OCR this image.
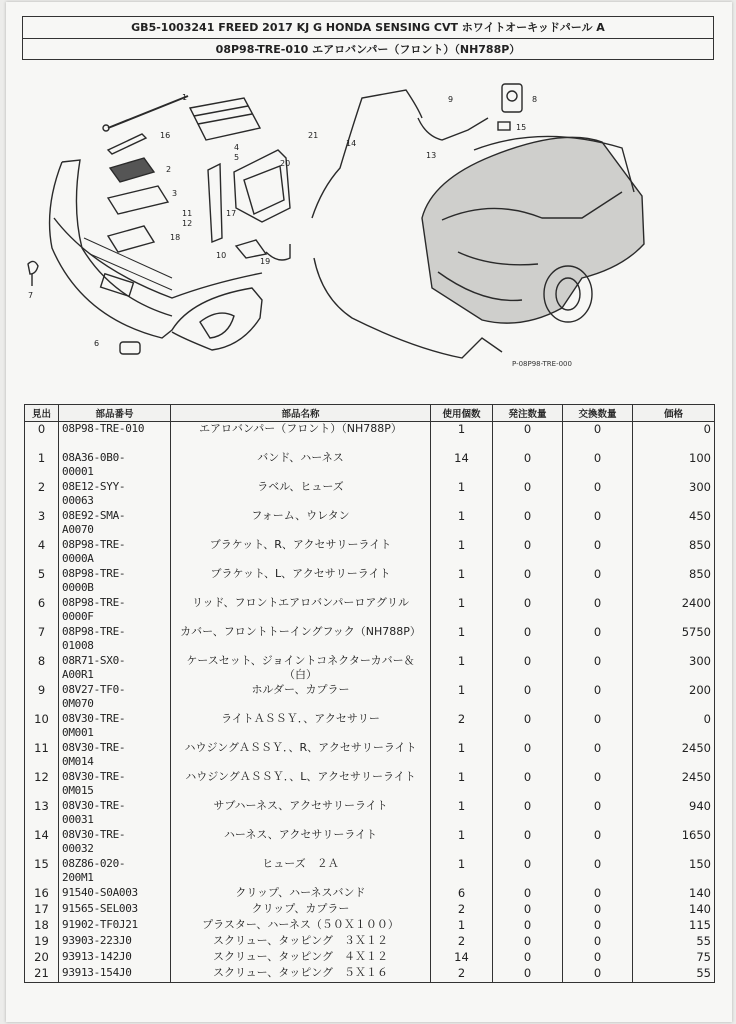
GB5-1003241 FREED 2017 KJ G HONDA SENSING CVT ホワイトオーキッドパール A
08P98-TRE-010 エアロバンパー（フロント）（NH788P）
1
16
2
3
18
7
6
5
4
11
12
17
10
19
20
21
14
13
9	8
15
P-08P98-TRE-000
見出	部品番号	部品名称	使用個数	発注数量	交換数量	価格
0	08P98-TRE-010	エアロバンパー（フロント）（NH788P）	1	0	0	0
1	08A36-0B0-
00001	バンド、ハーネス	14	0	0	100
2	08E12-SYY-
00063	ラベル、ヒューズ	1	0	0	300
3	08E92-SMA-
A0070	フォーム、ウレタン	1	0	0	450
4	08P98-TRE-
0000A	ブラケット、R、アクセサリーライト	1	0	0	850
5	08P98-TRE-
0000B	ブラケット、L、アクセサリーライト	1	0	0	850
6	08P98-TRE-
0000F	リッド、フロントエアロバンパーロアグリル	1	0	0	2400
7	08P98-TRE-
01008	カバー、フロントトーイングフック（NH788P）	1	0	0	5750
8	08R71-SX0-
A00R1	ケースセット、ジョイントコネクターカバー＆
（白）	1	0	0	300
9	08V27-TF0-
0M070	ホルダー、カプラー	1	0	0	200
10	08V30-TRE-
0M001	ライトＡＳＳＹ．、アクセサリー	2	0	0	0
11	08V30-TRE-
0M014	ハウジングＡＳＳＹ．、R、アクセサリーライト	1	0	0	2450
12	08V30-TRE-
0M015	ハウジングＡＳＳＹ．、L、アクセサリーライト	1	0	0	2450
13	08V30-TRE-
00031	サブハーネス、アクセサリーライト	1	0	0	940
14	08V30-TRE-
00032	ハーネス、アクセサリーライト	1	0	0	1650
15	08Z86-020-
200M1	ヒューズ　２Ａ	1	0	0	150
16	91540-S0A003	クリップ、ハーネスバンド	6	0	0	140
17	91565-SEL003	クリップ、カプラー	2	0	0	140
18	91902-TF0J21	プラスター、ハーネス（５０Ｘ１００）	1	0	0	115
19	93903-223J0	スクリュー、タッピング　３Ｘ１２	2	0	0	55
20	93913-142J0	スクリュー、タッピング　４Ｘ１２	14	0	0	75
21	93913-154J0	スクリュー、タッピング　５Ｘ１６	2	0	0	55
